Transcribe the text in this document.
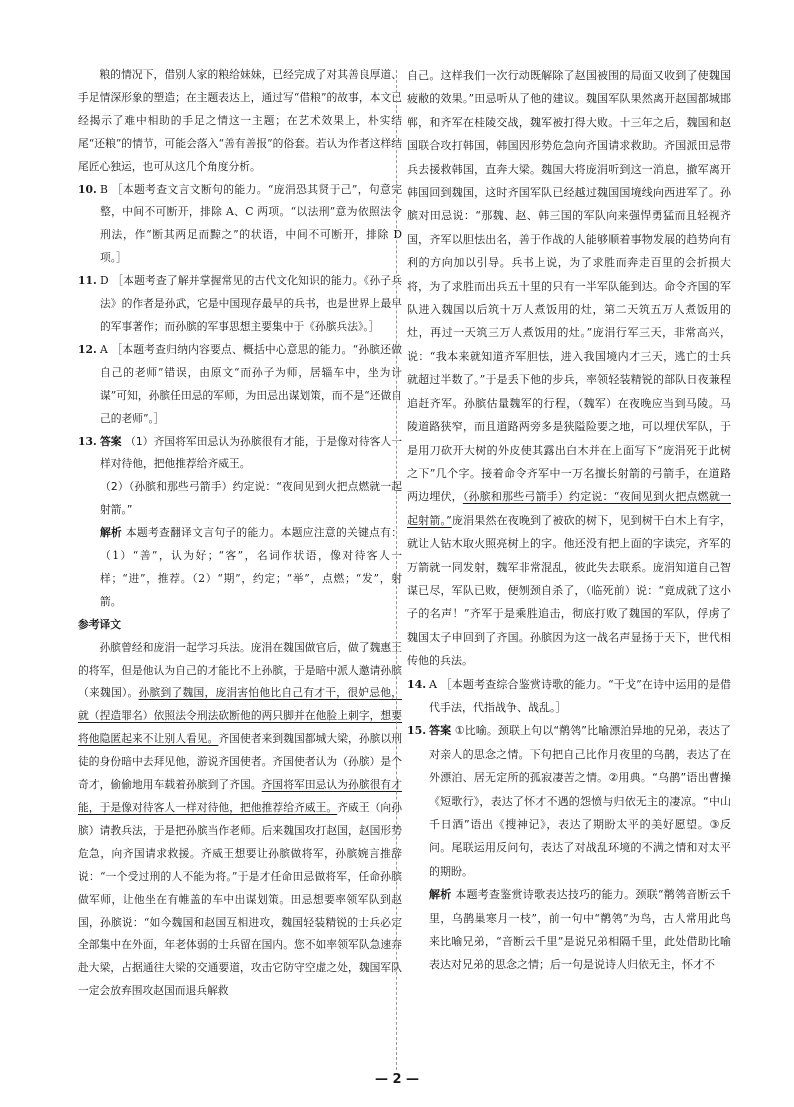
粮的情况下，借别人家的粮给妹妹，已经完成了对其善良厚道、手足情深形象的塑造；在主题表达上，通过写“借粮”的故事，本文已经揭示了难中相助的手足之情这一主题；在艺术效果上，朴实结尾“还粮”的情节，可能会落入“善有善报”的俗套。若认为作者这样结尾匠心独运，也可从这几个角度分析。

10. B ［本题考查文言文断句的能力。“庞涓恐其贤于己”，句意完整，中间不可断开，排除 A、C 两项。“以法刑”意为依照法令刑法，作“断其两足而黥之”的状语，中间不可断开，排除 D 项。］
11. D ［本题考查了解并掌握常见的古代文化知识的能力。《孙子兵法》的作者是孙武，它是中国现存最早的兵书，也是世界上最早的军事著作；而孙膑的军事思想主要集中于《孙膑兵法》。］
12. A ［本题考查归纳内容要点、概括中心意思的能力。“孙膑还做自己的老师”错误，由原文“而孙子为师，居辎车中，坐为计谋”可知，孙膑任田忌的军师，为田忌出谋划策，而不是“还做自己的老师”。］
13. 答案 （1）齐国将军田忌认为孙膑很有才能，于是像对待客人一样对待他，把他推荐给齐威王。

（2）（孙膑和那些弓箭手）约定说：“夜间见到火把点燃就一起射箭。”

解析 本题考查翻译文言句子的能力。本题应注意的关键点有：（1）“善”，认为好；“客”，名词作状语，像对待客人一样；“进”，推荐。（2）“期”，约定；“举”，点燃；“发”，射箭。

参考译文

孙膑曾经和庞涓一起学习兵法。庞涓在魏国做官后，做了魏惠王的将军，但是他认为自己的才能比不上孙膑，于是暗中派人邀请孙膑（来魏国）。孙膑到了魏国，庞涓害怕他比自己有才干，很妒忌他，就（捏造罪名）依照法令刑法砍断他的两只脚并在他脸上刺字，想要将他隐匿起来不让别人看见。齐国使者来到魏国都城大梁，孙膑以刑徒的身份暗中去拜见他，游说齐国使者。齐国使者认为（孙膑）是个奇才，偷偷地用车载着孙膑到了齐国。齐国将军田忌认为孙膑很有才能，于是像对待客人一样对待他，把他推荐给齐威王。齐威王（向孙膑）请教兵法，于是把孙膑当作老师。后来魏国攻打赵国，赵国形势危急，向齐国请求救援。齐威王想要让孙膑做将军，孙膑婉言推辞说：“一个受过刑的人不能为将。”于是才任命田忌做将军，任命孙膑做军师，让他坐在有帷盖的车中出谋划策。田忌想要率领军队到赵国，孙膑说：“如今魏国和赵国互相进攻，魏国轻装精锐的士兵必定全部集中在外面，年老体弱的士兵留在国内。您不如率领军队急速奔赴大梁，占据通往大梁的交通要道，攻击它防守空虚之处，魏国军队一定会放弃围攻赵国而退兵解救

自己。这样我们一次行动既解除了赵国被围的局面又收到了使魏国疲敝的效果。”田忌听从了他的建议。魏国军队果然离开赵国都城邯郸，和齐军在桂陵交战，魏军被打得大败。十三年之后，魏国和赵国联合攻打韩国，韩国因形势危急向齐国请求救助。齐国派田忌带兵去援救韩国，直奔大梁。魏国大将庞涓听到这一消息，撤军离开韩国回到魏国，这时齐国军队已经越过魏国国境线向西进军了。孙膑对田忌说：“那魏、赵、韩三国的军队向来强悍勇猛而且轻视齐国，齐军以胆怯出名，善于作战的人能够顺着事物发展的趋势向有利的方向加以引导。兵书上说，为了求胜而奔走百里的会折损大将，为了求胜而出兵五十里的只有一半军队能到达。命令齐国的军队进入魏国以后筑十万人煮饭用的灶，第二天筑五万人煮饭用的灶，再过一天筑三万人煮饭用的灶。”庞涓行军三天，非常高兴，说：“我本来就知道齐军胆怯，进入我国境内才三天，逃亡的士兵就超过半数了。”于是丢下他的步兵，率领轻装精锐的部队日夜兼程追赶齐军。孙膑估量魏军的行程，（魏军）在夜晚应当到马陵。马陵道路狭窄，而且道路两旁多是狭隘险要之地，可以埋伏军队，于是用刀砍开大树的外皮使其露出白木并在上面写下“庞涓死于此树之下”几个字。接着命令齐军中一万名擅长射箭的弓箭手，在道路两边埋伏，（孙膑和那些弓箭手）约定说：“夜间见到火把点燃就一起射箭。”庞涓果然在夜晚到了被砍的树下，见到树干白木上有字，就让人钻木取火照亮树上的字。他还没有把上面的字读完，齐军的万箭就一同发射，魏军非常混乱，彼此失去联系。庞涓知道自己智谋已尽，军队已败，便刎颈自杀了，（临死前）说：“竟成就了这小子的名声！”齐军于是乘胜追击，彻底打败了魏国的军队，俘虏了魏国太子申回到了齐国。孙膑因为这一战名声显扬于天下，世代相传他的兵法。

14. A ［本题考查综合鉴赏诗歌的能力。“干戈”在诗中运用的是借代手法，代指战争、战乱。］
15. 答案 ①比喻。颈联上句以“鹡鸰”比喻漂泊异地的兄弟，表达了对亲人的思念之情。下句把自己比作月夜里的乌鹊，表达了在外漂泊、居无定所的孤寂凄苦之情。②用典。“乌鹊”语出曹操《短歌行》，表达了怀才不遇的怨愤与归依无主的凄凉。“中山千日酒”语出《搜神记》，表达了期盼太平的美好愿望。③反问。尾联运用反问句，表达了对战乱环境的不满之情和对太平的期盼。

解析 本题考查鉴赏诗歌表达技巧的能力。颈联“鹡鸰音断云千里，乌鹊巢寒月一枝”，前一句中“鹡鸰”为鸟，古人常用此鸟来比喻兄弟，“音断云千里”是说兄弟相隔千里，此处借助比喻表达对兄弟的思念之情；后一句是说诗人归依无主，怀才不

— 2 —
